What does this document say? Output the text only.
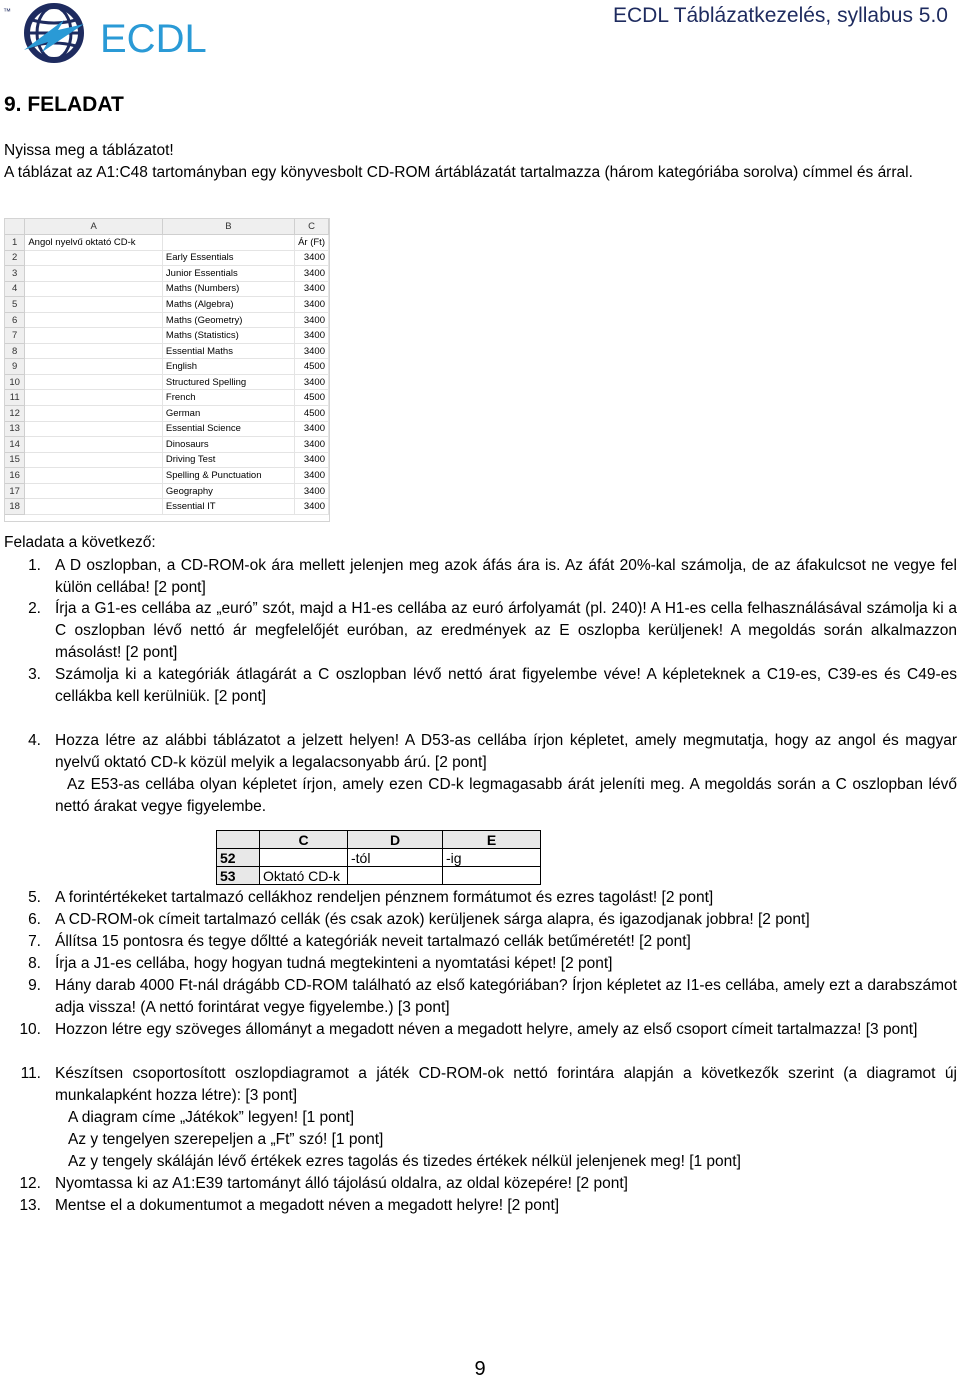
™
ECDL
ECDL Táblázatkezelés, syllabus 5.0
9. FELADAT
Nyissa meg a táblázatot!
A táblázat az A1:C48 tartományban egy könyvesbolt CD-ROM ártáblázatát tartalmazza (három kategóriába sorolva) címmel és árral.
	A	B	C
1	Angol nyelvű oktató CD-k		Ár (Ft)
2		Early Essentials	3400
3		Junior Essentials	3400
4		Maths (Numbers)	3400
5		Maths (Algebra)	3400
6		Maths (Geometry)	3400
7		Maths (Statistics)	3400
8		Essential Maths	3400
9		English	4500
10		Structured Spelling	3400
11		French	4500
12		German	4500
13		Essential Science	3400
14		Dinosaurs	3400
15		Driving Test	3400
16		Spelling & Punctuation	3400
17		Geography	3400
18		Essential IT	3400
Feladata a következő:
1. A D oszlopban, a CD-ROM-ok ára mellett jelenjen meg azok áfás ára is. Az áfát 20%-kal számolja, de az áfakulcsot ne vegye fel külön cellába! [2 pont]
2. Írja a G1-es cellába az „euró” szót, majd a H1-es cellába az euró árfolyamát (pl. 240)! A H1-es cella felhasználásával számolja ki a C oszlopban lévő nettó ár megfelelőjét euróban, az eredmények az E oszlopba kerüljenek! A megoldás során alkalmazzon másolást! [2 pont]
3. Számolja ki a kategóriák átlagárát a C oszlopban lévő nettó árat figyelembe véve! A képleteknek a C19-es, C39-es és C49-es cellákba kell kerülniük. [2 pont]
4. Hozza létre az alábbi táblázatot a jelzett helyen! A D53-as cellába írjon képletet, amely megmutatja, hogy az angol és magyar nyelvű oktató CD-k közül melyik a legalacsonyabb árú. [2 pont]
Az E53-as cellába olyan képletet írjon, amely ezen CD-k legmagasabb árát jeleníti meg. A megoldás során a C oszlopban lévő nettó árakat vegye figyelembe.
	C	D	E
52		-tól	-ig
53	Oktató CD-k		
5. A forintértékeket tartalmazó cellákhoz rendeljen pénznem formátumot és ezres tagolást! [2 pont]
6. A CD-ROM-ok címeit tartalmazó cellák (és csak azok) kerüljenek sárga alapra, és igazodjanak jobbra! [2 pont]
7. Állítsa 15 pontosra és tegye dőltté a kategóriák neveit tartalmazó cellák betűméretét! [2 pont]
8. Írja a J1-es cellába, hogy hogyan tudná megtekinteni a nyomtatási képet! [2 pont]
9. Hány darab 4000 Ft-nál drágább CD-ROM található az első kategóriában? Írjon képletet az I1-es cellába, amely ezt a darabszámot adja vissza! (A nettó forintárat vegye figyelembe.) [3 pont]
10. Hozzon létre egy szöveges állományt a megadott néven a megadott helyre, amely az első csoport címeit tartalmazza! [3 pont]
11. Készítsen csoportosított oszlopdiagramot a játék CD-ROM-ok nettó forintára alapján a következők szerint (a diagramot új munkalapként hozza létre): [3 pont]
A diagram címe „Játékok” legyen! [1 pont]
Az y tengelyen szerepeljen a „Ft” szó! [1 pont]
Az y tengely skáláján lévő értékek ezres tagolás és tizedes értékek nélkül jelenjenek meg! [1 pont]
12. Nyomtassa ki az A1:E39 tartományt álló tájolású oldalra, az oldal közepére! [2 pont]
13. Mentse el a dokumentumot a megadott néven a megadott helyre! [2 pont]
9
